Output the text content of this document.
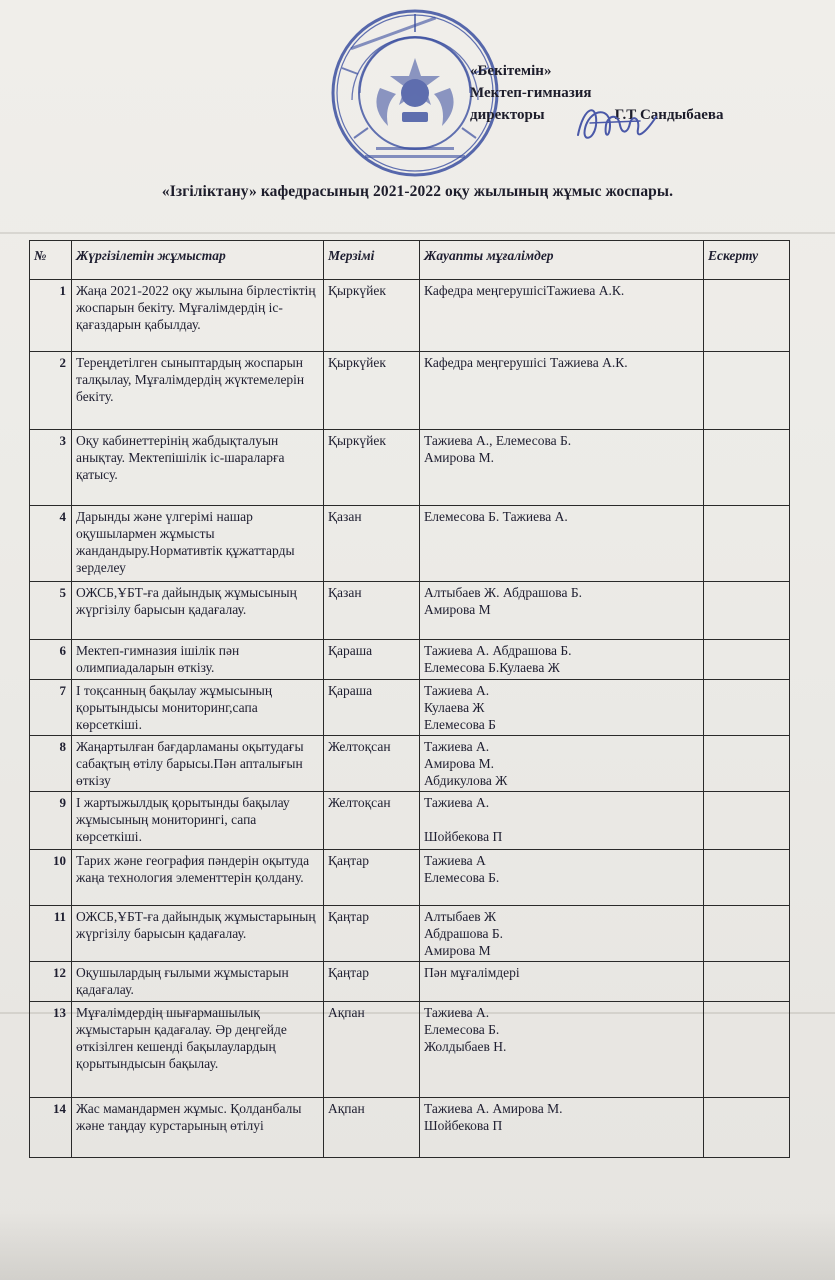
«Бекітемін»
Мектеп-гимназия
директоры	Г.Т Сандыбаева
«Ізгіліктану» кафедрасының 2021-2022 оқу жылының жұмыс жоспары.
№	Жүргізілетін жұмыстар	Мерзімі	Жауапты мұғалімдер	Ескерту
1	Жаңа 2021-2022 оқу жылына бірлестіктің жоспарын бекіту. Мұғалімдердің іс-қағаздарын қабылдау.	Қыркүйек	Кафедра меңгерушісіТажиева А.К.	
2	Тереңдетілген сыныптардың жоспарын талқылау, Мұғалімдердің жүктемелерін бекіту.	Қыркүйек	Кафедра меңгерушісі Тажиева А.К.	
3	Оқу кабинеттерінің жабдықталуын анықтау. Мектепішілік іс-шараларға қатысу.	Қыркүйек	Тажиева А., Елемесова Б.
Амирова М.	
4	Дарынды және үлгерімі нашар оқушылармен жұмысты жандандыру.Нормативтік құжаттарды зерделеу	Қазан	Елемесова Б. Тажиева А.	
5	ОЖСБ,ҰБТ-ға дайындық жұмысының жүргізілу барысын қадағалау.	Қазан	Алтыбаев Ж. Абдрашова Б.
Амирова М	
6	Мектеп-гимназия ішілік пән олимпиадаларын өткізу.	Қараша	Тажиева А. Абдрашова Б.
Елемесова Б.Кулаева Ж	
7	І тоқсанның бақылау жұмысының қорытындысы мониторинг,сапа көрсеткіші.	Қараша	Тажиева А.
Кулаева Ж
Елемесова Б	
8	Жаңартылған бағдарламаны оқытудағы сабақтың өтілу барысы.Пән апталығын өткізу	Желтоқсан	Тажиева А.
Амирова М.
Абдикулова Ж	
9	І жартыжылдық қорытынды бақылау жұмысының мониторингі, сапа көрсеткіші.	Желтоқсан	Тажиева А.

Шойбекова П	
10	Тарих және география пәндерін оқытуда жаңа технология элементтерін қолдану.	Қаңтар	Тажиева А
Елемесова Б.	
11	ОЖСБ,ҰБТ-ға дайындық жұмыстарының жүргізілу барысын қадағалау.	Қаңтар	Алтыбаев Ж
Абдрашова Б.
Амирова М	
12	Оқушылардың ғылыми жұмыстарын қадағалау.	Қаңтар	Пән мұғалімдері	
13	Мұғалімдердің шығармашылық жұмыстарын қадағалау. Әр деңгейде өткізілген кешенді бақылаулардың қорытындысын бақылау.	Ақпан	Тажиева А.
Елемесова Б.
Жолдыбаев Н.	
14	Жас мамандармен жұмыс. Қолданбалы және таңдау курстарының өтілуі	Ақпан	Тажиева А. Амирова М.
Шойбекова П	
